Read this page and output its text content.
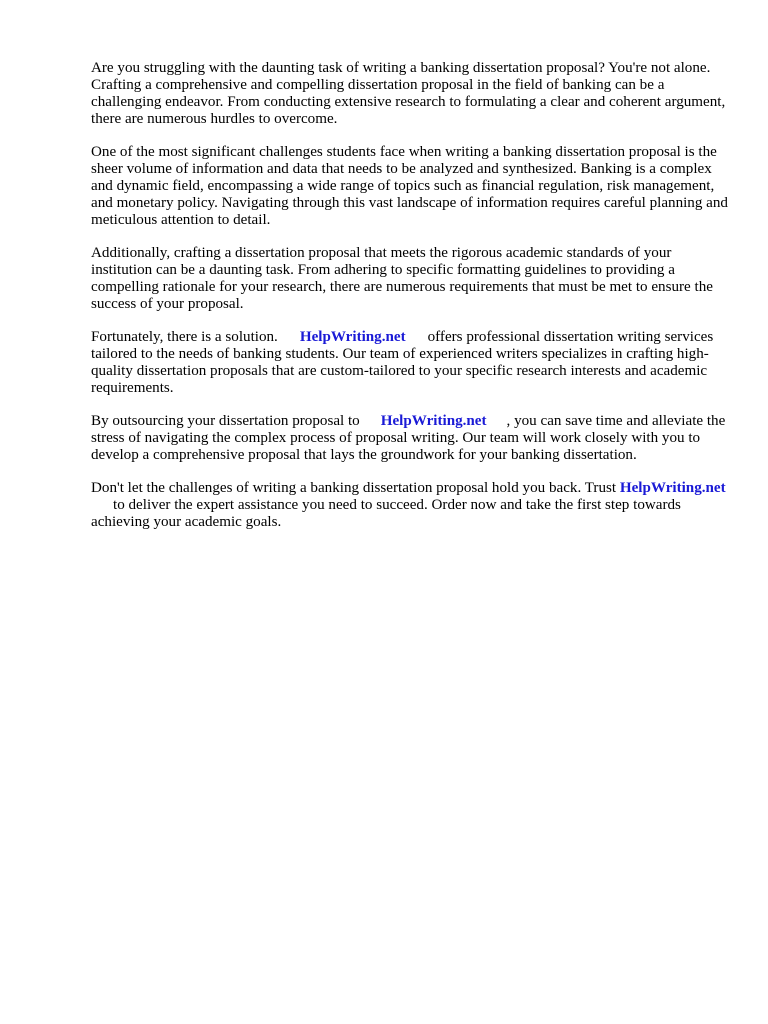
Are you struggling with the daunting task of writing a banking dissertation proposal? You're not alone. Crafting a comprehensive and compelling dissertation proposal in the field of banking can be a challenging endeavor. From conducting extensive research to formulating a clear and coherent argument, there are numerous hurdles to overcome.

One of the most significant challenges students face when writing a banking dissertation proposal is the sheer volume of information and data that needs to be analyzed and synthesized. Banking is a complex and dynamic field, encompassing a wide range of topics such as financial regulation, risk management, and monetary policy. Navigating through this vast landscape of information requires careful planning and meticulous attention to detail.

Additionally, crafting a dissertation proposal that meets the rigorous academic standards of your institution can be a daunting task. From adhering to specific formatting guidelines to providing a compelling rationale for your research, there are numerous requirements that must be met to ensure the success of your proposal.

Fortunately, there is a solution. HelpWriting.net offers professional dissertation writing services tailored to the needs of banking students. Our team of experienced writers specializes in crafting high-quality dissertation proposals that are custom-tailored to your specific research interests and academic requirements.

By outsourcing your dissertation proposal to HelpWriting.net , you can save time and alleviate the stress of navigating the complex process of proposal writing. Our team will work closely with you to develop a comprehensive proposal that lays the groundwork for your banking dissertation.

Don't let the challenges of writing a banking dissertation proposal hold you back. Trust HelpWriting.netto deliver the expert assistance you need to succeed. Order now and take the first step towards achieving your academic goals.
